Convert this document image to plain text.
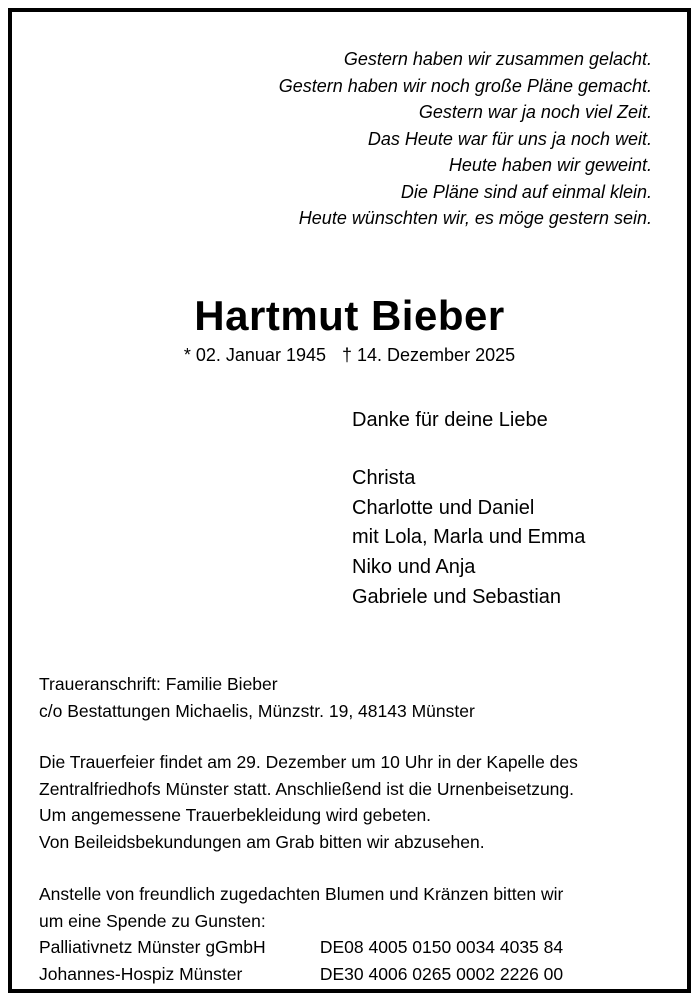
Gestern haben wir zusammen gelacht.
Gestern haben wir noch große Pläne gemacht.
Gestern war ja noch viel Zeit.
Das Heute war für uns ja noch weit.
Heute haben wir geweint.
Die Pläne sind auf einmal klein.
Heute wünschten wir, es möge gestern sein.
Hartmut Bieber
* 02. Januar 1945 † 14. Dezember 2025
Danke für deine Liebe
Christa
Charlotte und Daniel
mit Lola, Marla und Emma
Niko und Anja
Gabriele und Sebastian
Traueranschrift: Familie Bieber
c/o Bestattungen Michaelis, Münzstr. 19, 48143 Münster
Die Trauerfeier findet am 29. Dezember um 10 Uhr in der Kapelle des
Zentralfriedhofs Münster statt. Anschließend ist die Urnenbeisetzung.
Um angemessene Trauerbekleidung wird gebeten.
Von Beileidsbekundungen am Grab bitten wir abzusehen.
Anstelle von freundlich zugedachten Blumen und Kränzen bitten wir
um eine Spende zu Gunsten:
Palliativnetz Münster gGmbH	DE08 4005 0150 0034 4035 84
Johannes-Hospiz Münster	DE30 4006 0265 0002 2226 00
